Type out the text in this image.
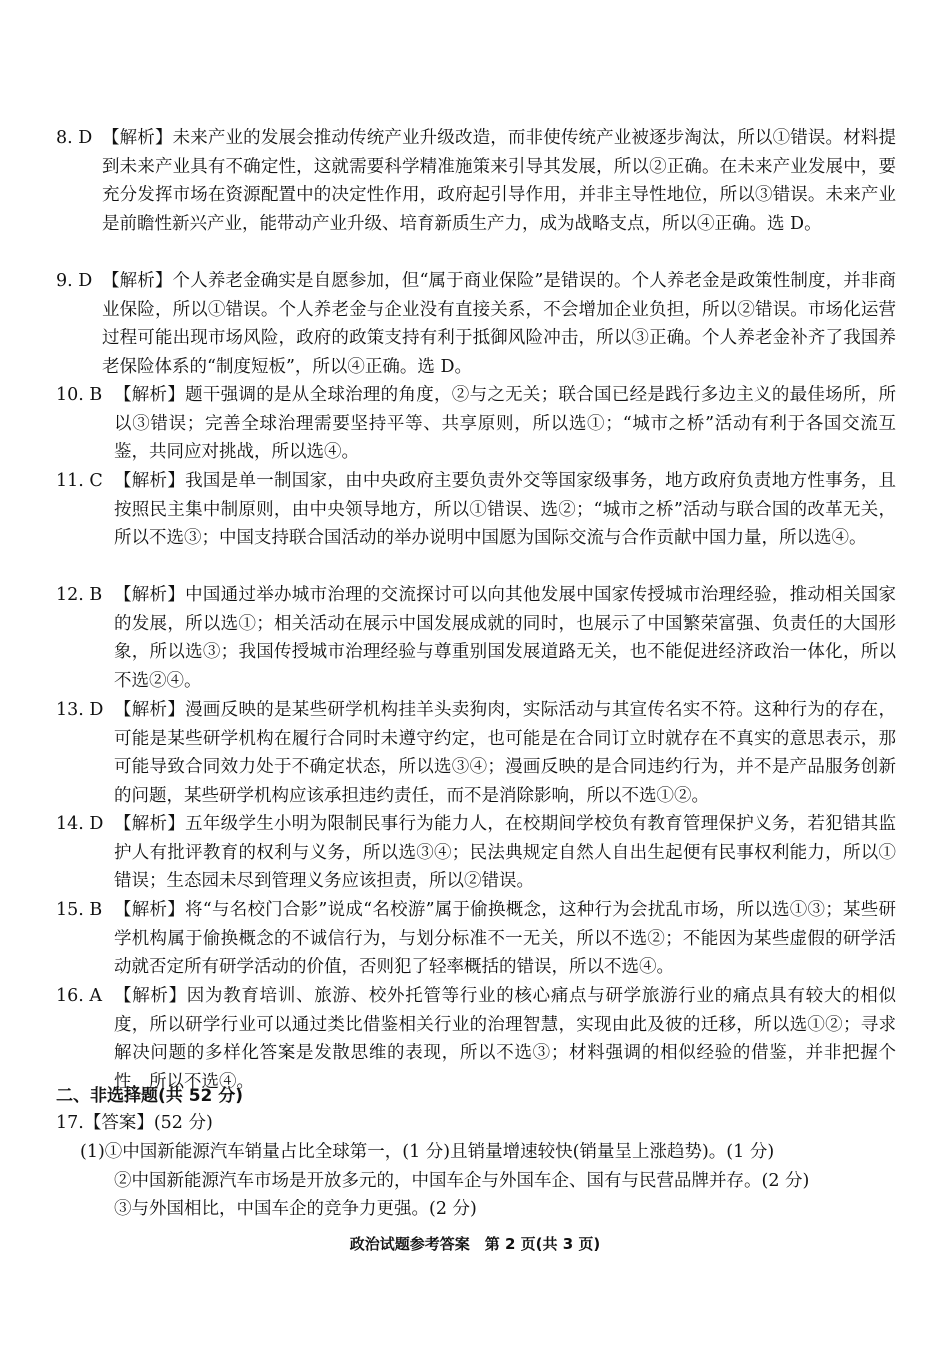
8. D 【解析】未来产业的发展会推动传统产业升级改造，而非使传统产业被逐步淘汰，所以①错误。材料提到未来产业具有不确定性，这就需要科学精准施策来引导其发展，所以②正确。在未来产业发展中，要充分发挥市场在资源配置中的决定性作用，政府起引导作用，并非主导性地位，所以③错误。未来产业是前瞻性新兴产业，能带动产业升级、培育新质生产力，成为战略支点，所以④正确。选 D。
9. D 【解析】个人养老金确实是自愿参加，但“属于商业保险”是错误的。个人养老金是政策性制度，并非商业保险，所以①错误。个人养老金与企业没有直接关系，不会增加企业负担，所以②错误。市场化运营过程可能出现市场风险，政府的政策支持有利于抵御风险冲击，所以③正确。个人养老金补齐了我国养老保险体系的“制度短板”，所以④正确。选 D。
10. B 【解析】题干强调的是从全球治理的角度，②与之无关；联合国已经是践行多边主义的最佳场所，所以③错误；完善全球治理需要坚持平等、共享原则，所以选①；“城市之桥”活动有利于各国交流互鉴，共同应对挑战，所以选④。
11. C 【解析】我国是单一制国家，由中央政府主要负责外交等国家级事务，地方政府负责地方性事务，且按照民主集中制原则，由中央领导地方，所以①错误、选②；“城市之桥”活动与联合国的改革无关，所以不选③；中国支持联合国活动的举办说明中国愿为国际交流与合作贡献中国力量，所以选④。
12. B 【解析】中国通过举办城市治理的交流探讨可以向其他发展中国家传授城市治理经验，推动相关国家的发展，所以选①；相关活动在展示中国发展成就的同时，也展示了中国繁荣富强、负责任的大国形象，所以选③；我国传授城市治理经验与尊重别国发展道路无关，也不能促进经济政治一体化，所以不选②④。
13. D 【解析】漫画反映的是某些研学机构挂羊头卖狗肉，实际活动与其宣传名实不符。这种行为的存在，可能是某些研学机构在履行合同时未遵守约定，也可能是在合同订立时就存在不真实的意思表示，那可能导致合同效力处于不确定状态，所以选③④；漫画反映的是合同违约行为，并不是产品服务创新的问题，某些研学机构应该承担违约责任，而不是消除影响，所以不选①②。
14. D 【解析】五年级学生小明为限制民事行为能力人，在校期间学校负有教育管理保护义务，若犯错其监护人有批评教育的权利与义务，所以选③④；民法典规定自然人自出生起便有民事权利能力，所以①错误；生态园未尽到管理义务应该担责，所以②错误。
15. B 【解析】将“与名校门合影”说成“名校游”属于偷换概念，这种行为会扰乱市场，所以选①③；某些研学机构属于偷换概念的不诚信行为，与划分标准不一无关，所以不选②；不能因为某些虚假的研学活动就否定所有研学活动的价值，否则犯了轻率概括的错误，所以不选④。
16. A 【解析】因为教育培训、旅游、校外托管等行业的核心痛点与研学旅游行业的痛点具有较大的相似度，所以研学行业可以通过类比借鉴相关行业的治理智慧，实现由此及彼的迁移，所以选①②；寻求解决问题的多样化答案是发散思维的表现，所以不选③；材料强调的相似经验的借鉴，并非把握个性，所以不选④。
二、非选择题(共 52 分)
17.【答案】(52 分)
(1)①中国新能源汽车销量占比全球第一，(1 分)且销量增速较快(销量呈上涨趋势)。(1 分)
②中国新能源汽车市场是开放多元的，中国车企与外国车企、国有与民营品牌并存。(2 分)
③与外国相比，中国车企的竞争力更强。(2 分)
政治试题参考答案　第 2 页(共 3 页)
